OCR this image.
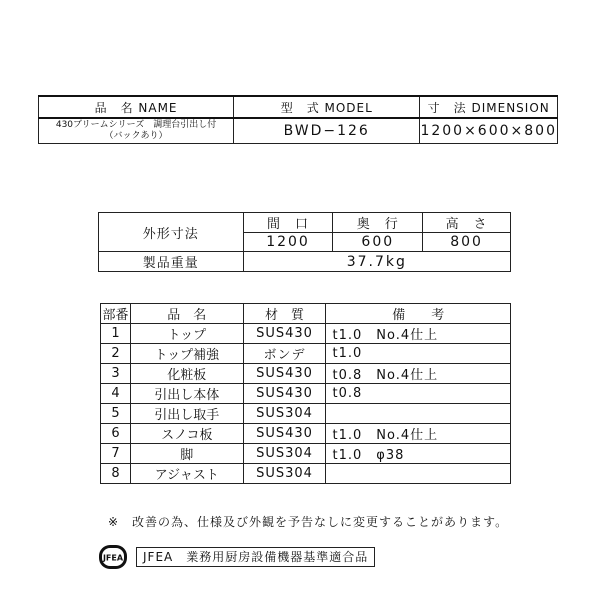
品　名 NAME	型　式 MODEL	寸　法 DIMENSION

430ブリームシリーズ　調理台引出し付
（バックあり）	BWD−126	1200×600×800
外形寸法	間　口	奥　行	高　さ
	1200	600	800
製品重量	37.7kg		
部番	品　名	材　質	備　　考
1	トップ	SUS430	t1.0　No.4仕上
2	トップ補強	ボンデ	t1.0
3	化粧板	SUS430	t0.8　No.4仕上
4	引出し本体	SUS430	t0.8
5	引出し取手	SUS304	
6	スノコ板	SUS430	t1.0　No.4仕上
7	脚	SUS304	t1.0　φ38
8	アジャスト	SUS304	
※　改善の為、仕様及び外観を予告なしに変更することがあります。
JFEA	JFEA　業務用厨房設備機器基準適合品
